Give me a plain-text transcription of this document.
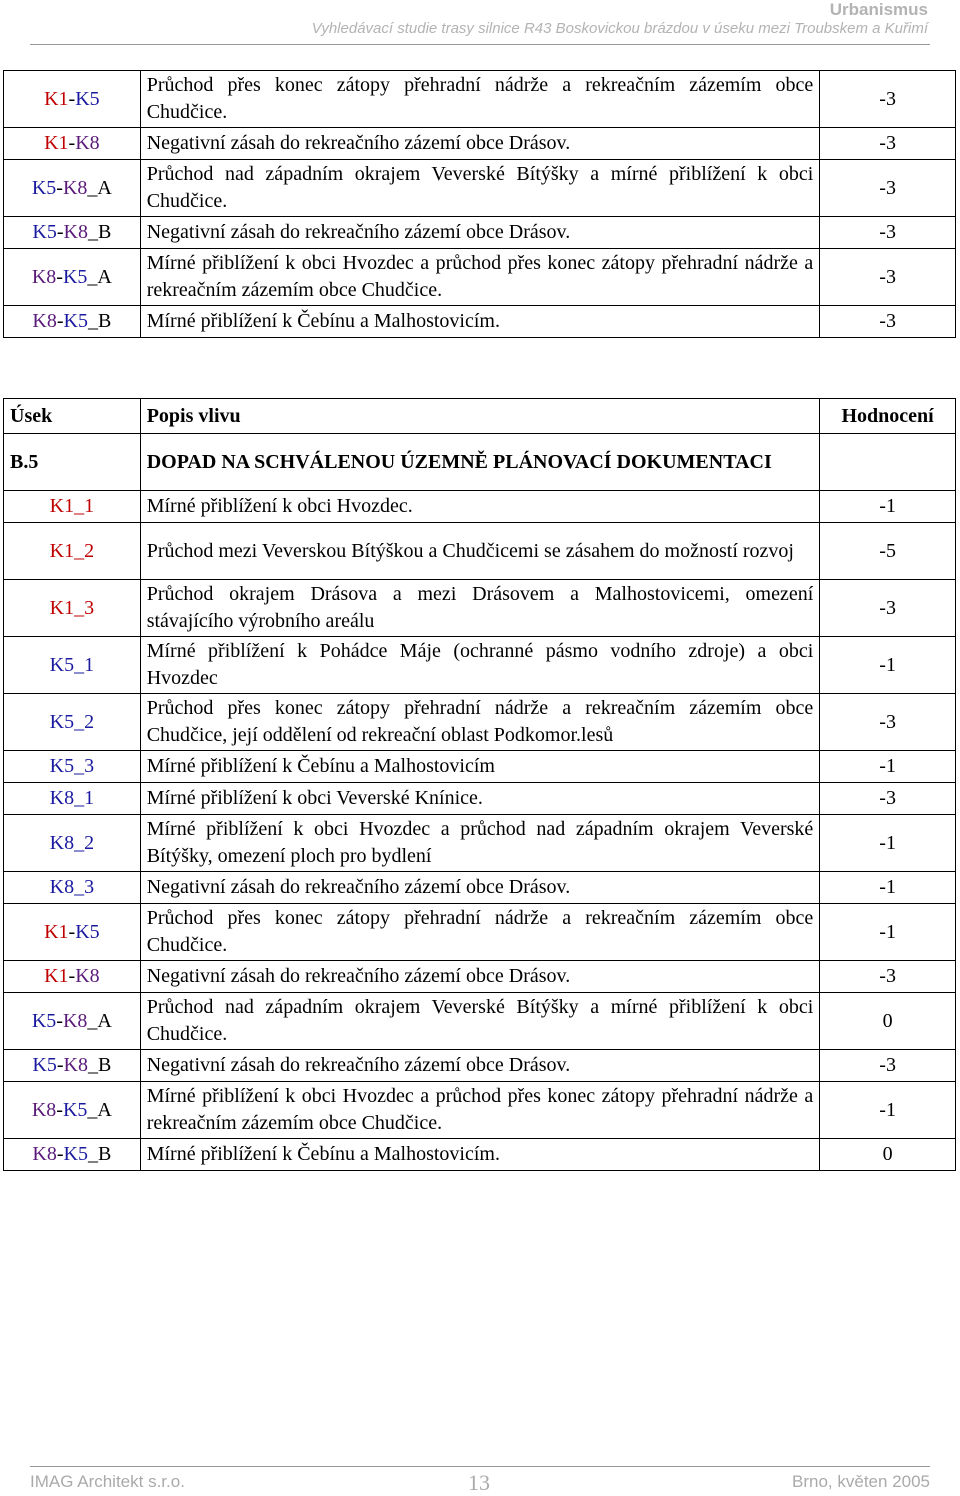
Urbanismus
Vyhledávací studie trasy silnice R43 Boskovickou brázdou v úseku mezi Troubskem a Kuřimí
K1-K5	Průchod přes konec zátopy přehradní nádrže a rekreačním zázemím obce Chudčice.	-3
K1-K8	Negativní zásah do rekreačního zázemí obce Drásov.	-3
K5-K8_A	Průchod nad západním okrajem Veverské Bítýšky a mírné přiblížení k obci Chudčice.	-3
K5-K8_B	Negativní zásah do rekreačního zázemí obce Drásov.	-3
K8-K5_A	Mírné přiblížení k obci Hvozdec a průchod přes konec zátopy přehradní nádrže a rekreačním zázemím obce Chudčice.	-3
K8-K5_B	Mírné přiblížení k Čebínu a Malhostovicím.	-3
Úsek	Popis vlivu	Hodnocení
B.5	DOPAD NA SCHVÁLENOU ÚZEMNĚ PLÁNOVACÍ DOKUMENTACI	
K1_1	Mírné přiblížení k obci Hvozdec.	-1
K1_2	Průchod mezi Veverskou Bítýškou a Chudčicemi se zásahem do možností rozvoj	-5
K1_3	Průchod okrajem Drásova a mezi Drásovem a Malhostovicemi, omezení stávajícího výrobního areálu	-3
K5_1	Mírné přiblížení k Pohádce Máje (ochranné pásmo vodního zdroje) a obci Hvozdec	-1
K5_2	Průchod přes konec zátopy přehradní nádrže a rekreačním zázemím obce Chudčice, její oddělení od rekreační oblast Podkomor.lesů	-3
K5_3	Mírné přiblížení k Čebínu a Malhostovicím	-1
K8_1	Mírné přiblížení k obci Veverské Knínice.	-3
K8_2	Mírné přiblížení k obci Hvozdec a průchod nad západním okrajem Veverské Bítýšky, omezení ploch pro bydlení	-1
K8_3	Negativní zásah do rekreačního zázemí obce Drásov.	-1
K1-K5	Průchod přes konec zátopy přehradní nádrže a rekreačním zázemím obce Chudčice.	-1
K1-K8	Negativní zásah do rekreačního zázemí obce Drásov.	-3
K5-K8_A	Průchod nad západním okrajem Veverské Bítýšky a mírné přiblížení k obci Chudčice.	0
K5-K8_B	Negativní zásah do rekreačního zázemí obce Drásov.	-3
K8-K5_A	Mírné přiblížení k obci Hvozdec a průchod přes konec zátopy přehradní nádrže a rekreačním zázemím obce Chudčice.	-1
K8-K5_B	Mírné přiblížení k Čebínu a Malhostovicím.	0
IMAG Architekt s.r.o.	13	Brno, květen 2005
